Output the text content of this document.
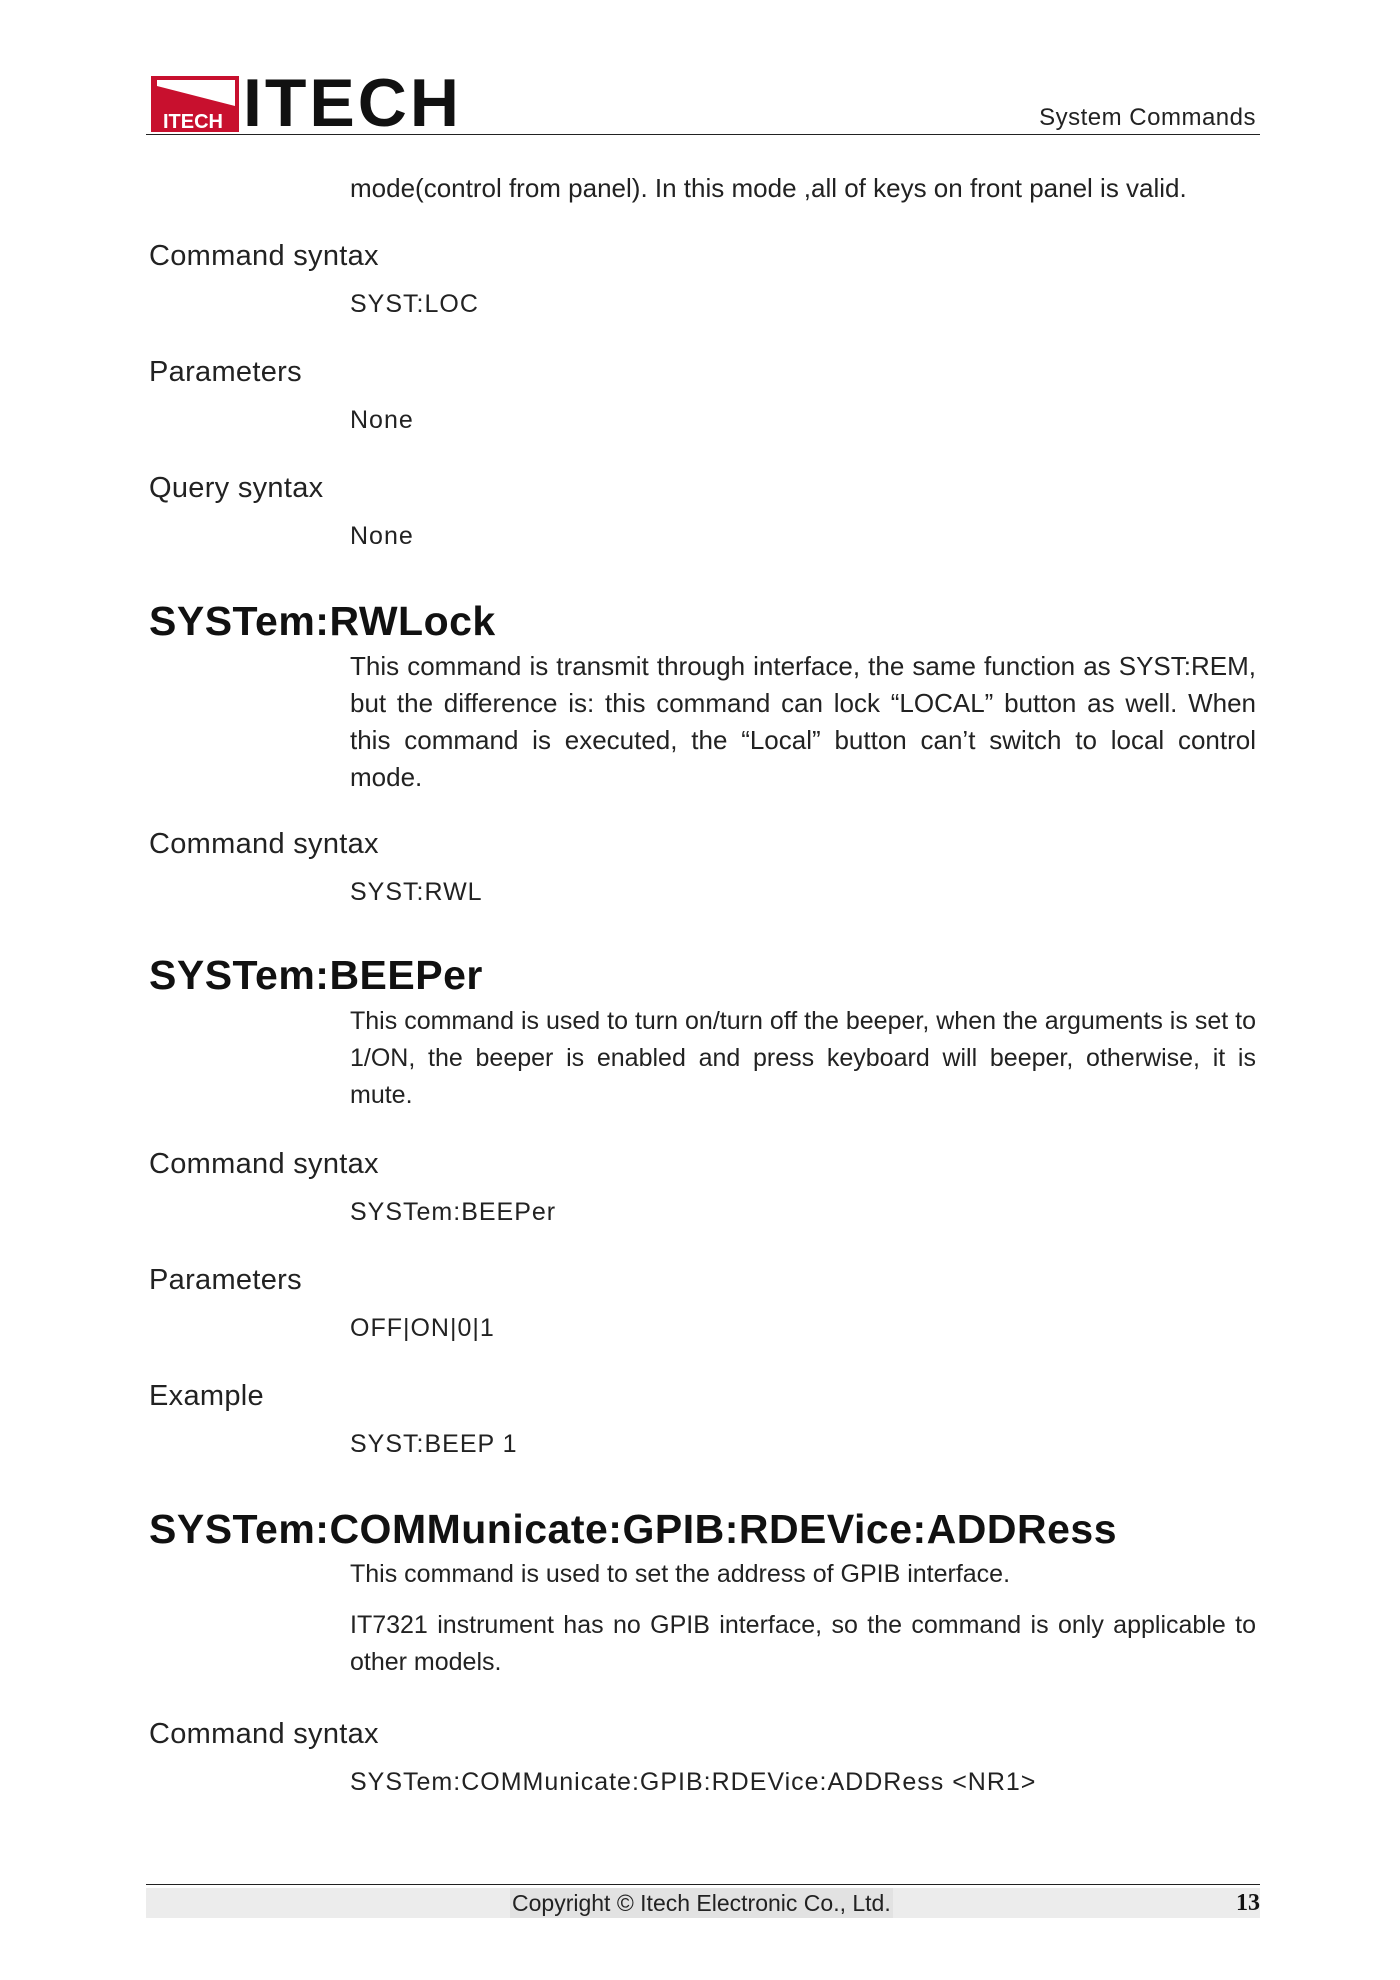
ITECH ITECH	System Commands
mode(control from panel). In this mode ,all of keys on front panel is valid.
Command syntax
SYST:LOC
Parameters
None
Query syntax
None
SYSTem:RWLock
This command is transmit through interface, the same function as SYST:REM, but the difference is: this command can lock “LOCAL” button as well. When this command is executed, the “Local” button can’t switch to local control mode.
Command syntax
SYST:RWL
SYSTem:BEEPer
This command is used to turn on/turn off the beeper, when the arguments is set to 1/ON, the beeper is enabled and press keyboard will beeper, otherwise, it is mute.
Command syntax
SYSTem:BEEPer
Parameters
OFF|ON|0|1
Example
SYST:BEEP 1
SYSTem:COMMunicate:GPIB:RDEVice:ADDRess
This command is used to set the address of GPIB interface.
IT7321 instrument has no GPIB interface, so the command is only applicable to other models.
Command syntax
SYSTem:COMMunicate:GPIB:RDEVice:ADDRess <NR1>
Copyright © Itech Electronic Co., Ltd.	13
